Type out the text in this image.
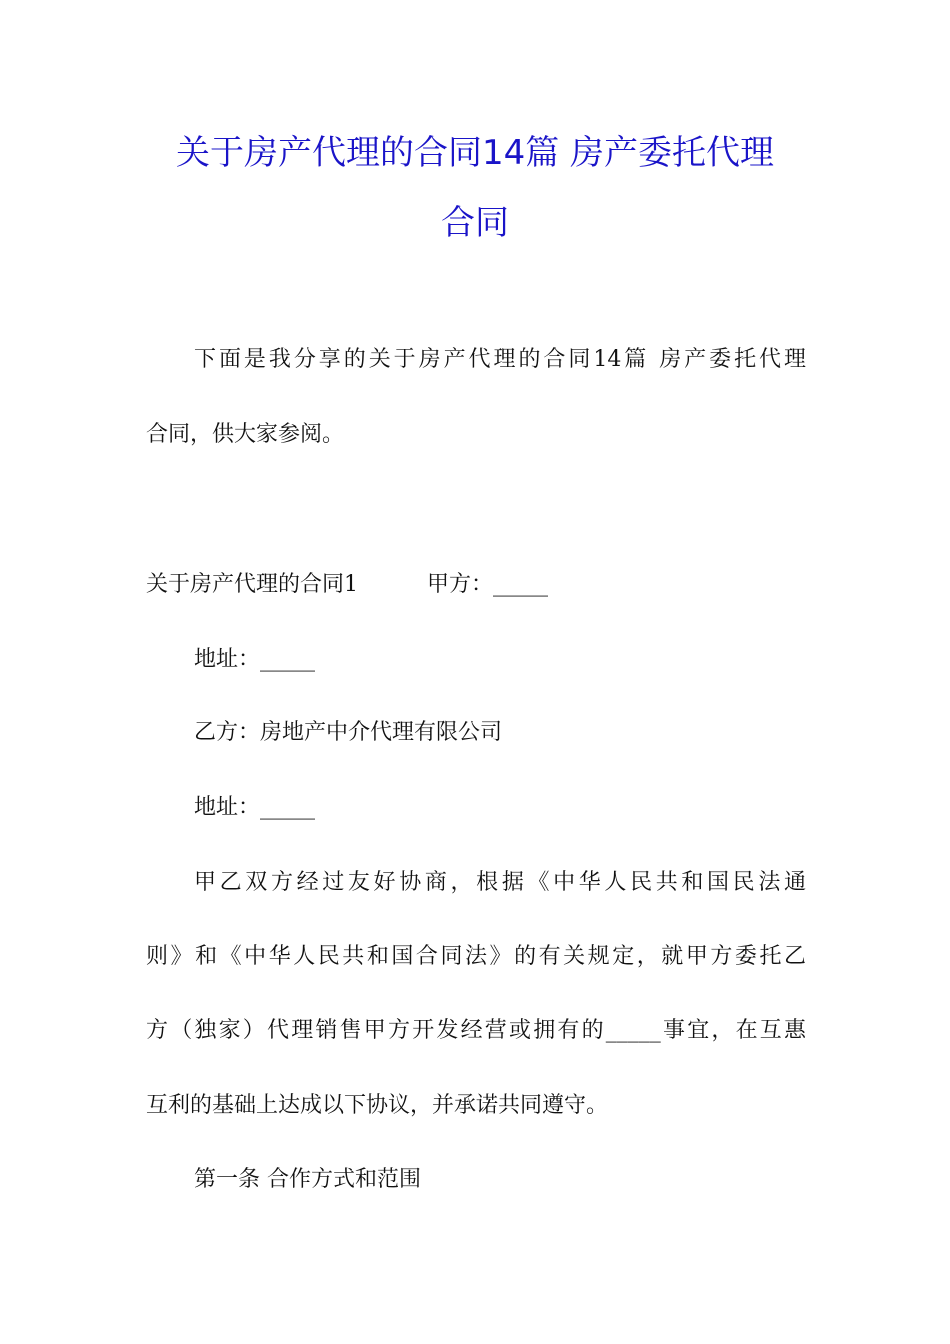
关于房产代理的合同14篇 房产委托代理
合同
下面是我分享的关于房产代理的合同14篇 房产委托代理
合同，供大家参阅。
关于房产代理的合同1	甲方：_____
地址：_____
乙方：房地产中介代理有限公司
地址：_____
甲乙双方经过友好协商，根据《中华人民共和国民法通
则》和《中华人民共和国合同法》的有关规定，就甲方委托乙
方（独家）代理销售甲方开发经营或拥有的_____事宜，在互惠
互利的基础上达成以下协议，并承诺共同遵守。
第一条 合作方式和范围
